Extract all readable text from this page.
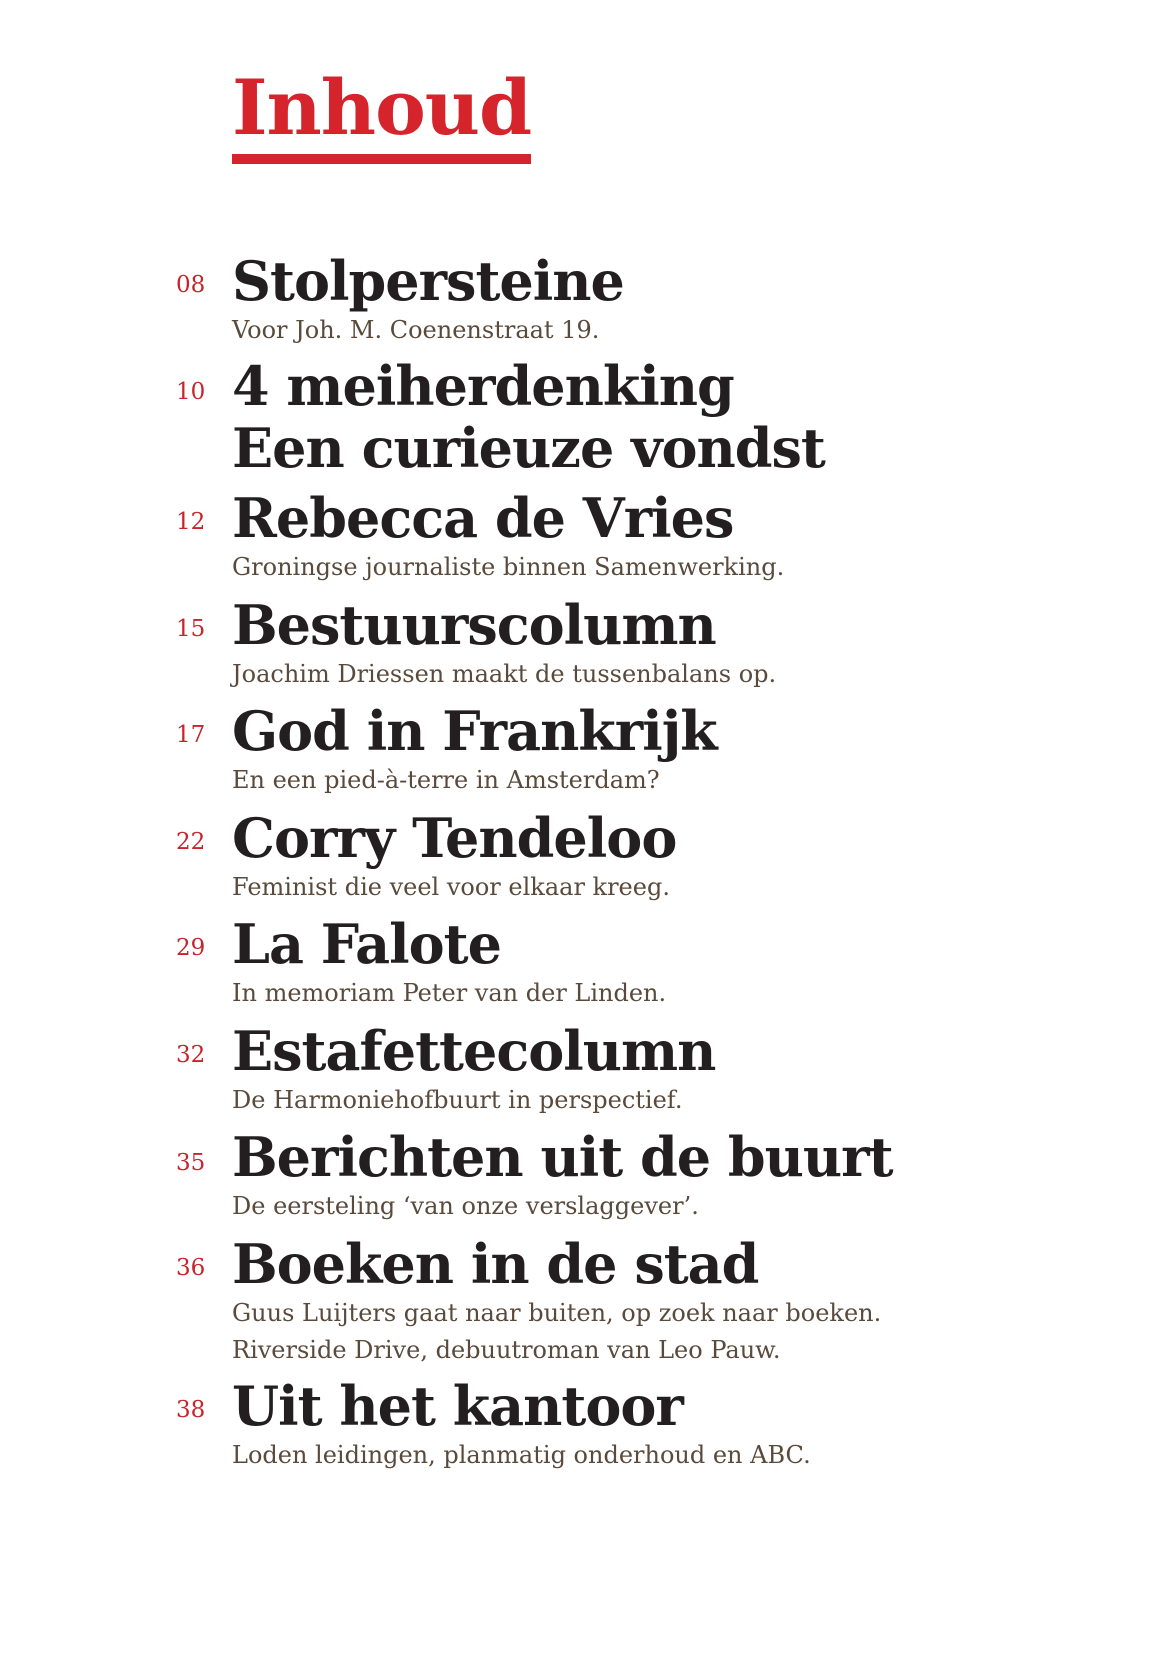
Inhoud
08 Stolpersteine
Voor Joh. M. Coenenstraat 19.
10 4 meiherdenking
Een curieuze vondst
12 Rebecca de Vries
Groningse journaliste binnen Samenwerking.
15 Bestuurscolumn
Joachim Driessen maakt de tussenbalans op.
17 God in Frankrijk
En een pied-à-terre in Amsterdam?
22 Corry Tendeloo
Feminist die veel voor elkaar kreeg.
29 La Falote
In memoriam Peter van der Linden.
32 Estafettecolumn
De Harmoniehofbuurt in perspectief.
35 Berichten uit de buurt
De eersteling ‘van onze verslaggever’.
36 Boeken in de stad
Guus Luijters gaat naar buiten, op zoek naar boeken.
Riverside Drive, debuutroman van Leo Pauw.
38 Uit het kantoor
Loden leidingen, planmatig onderhoud en ABC.
